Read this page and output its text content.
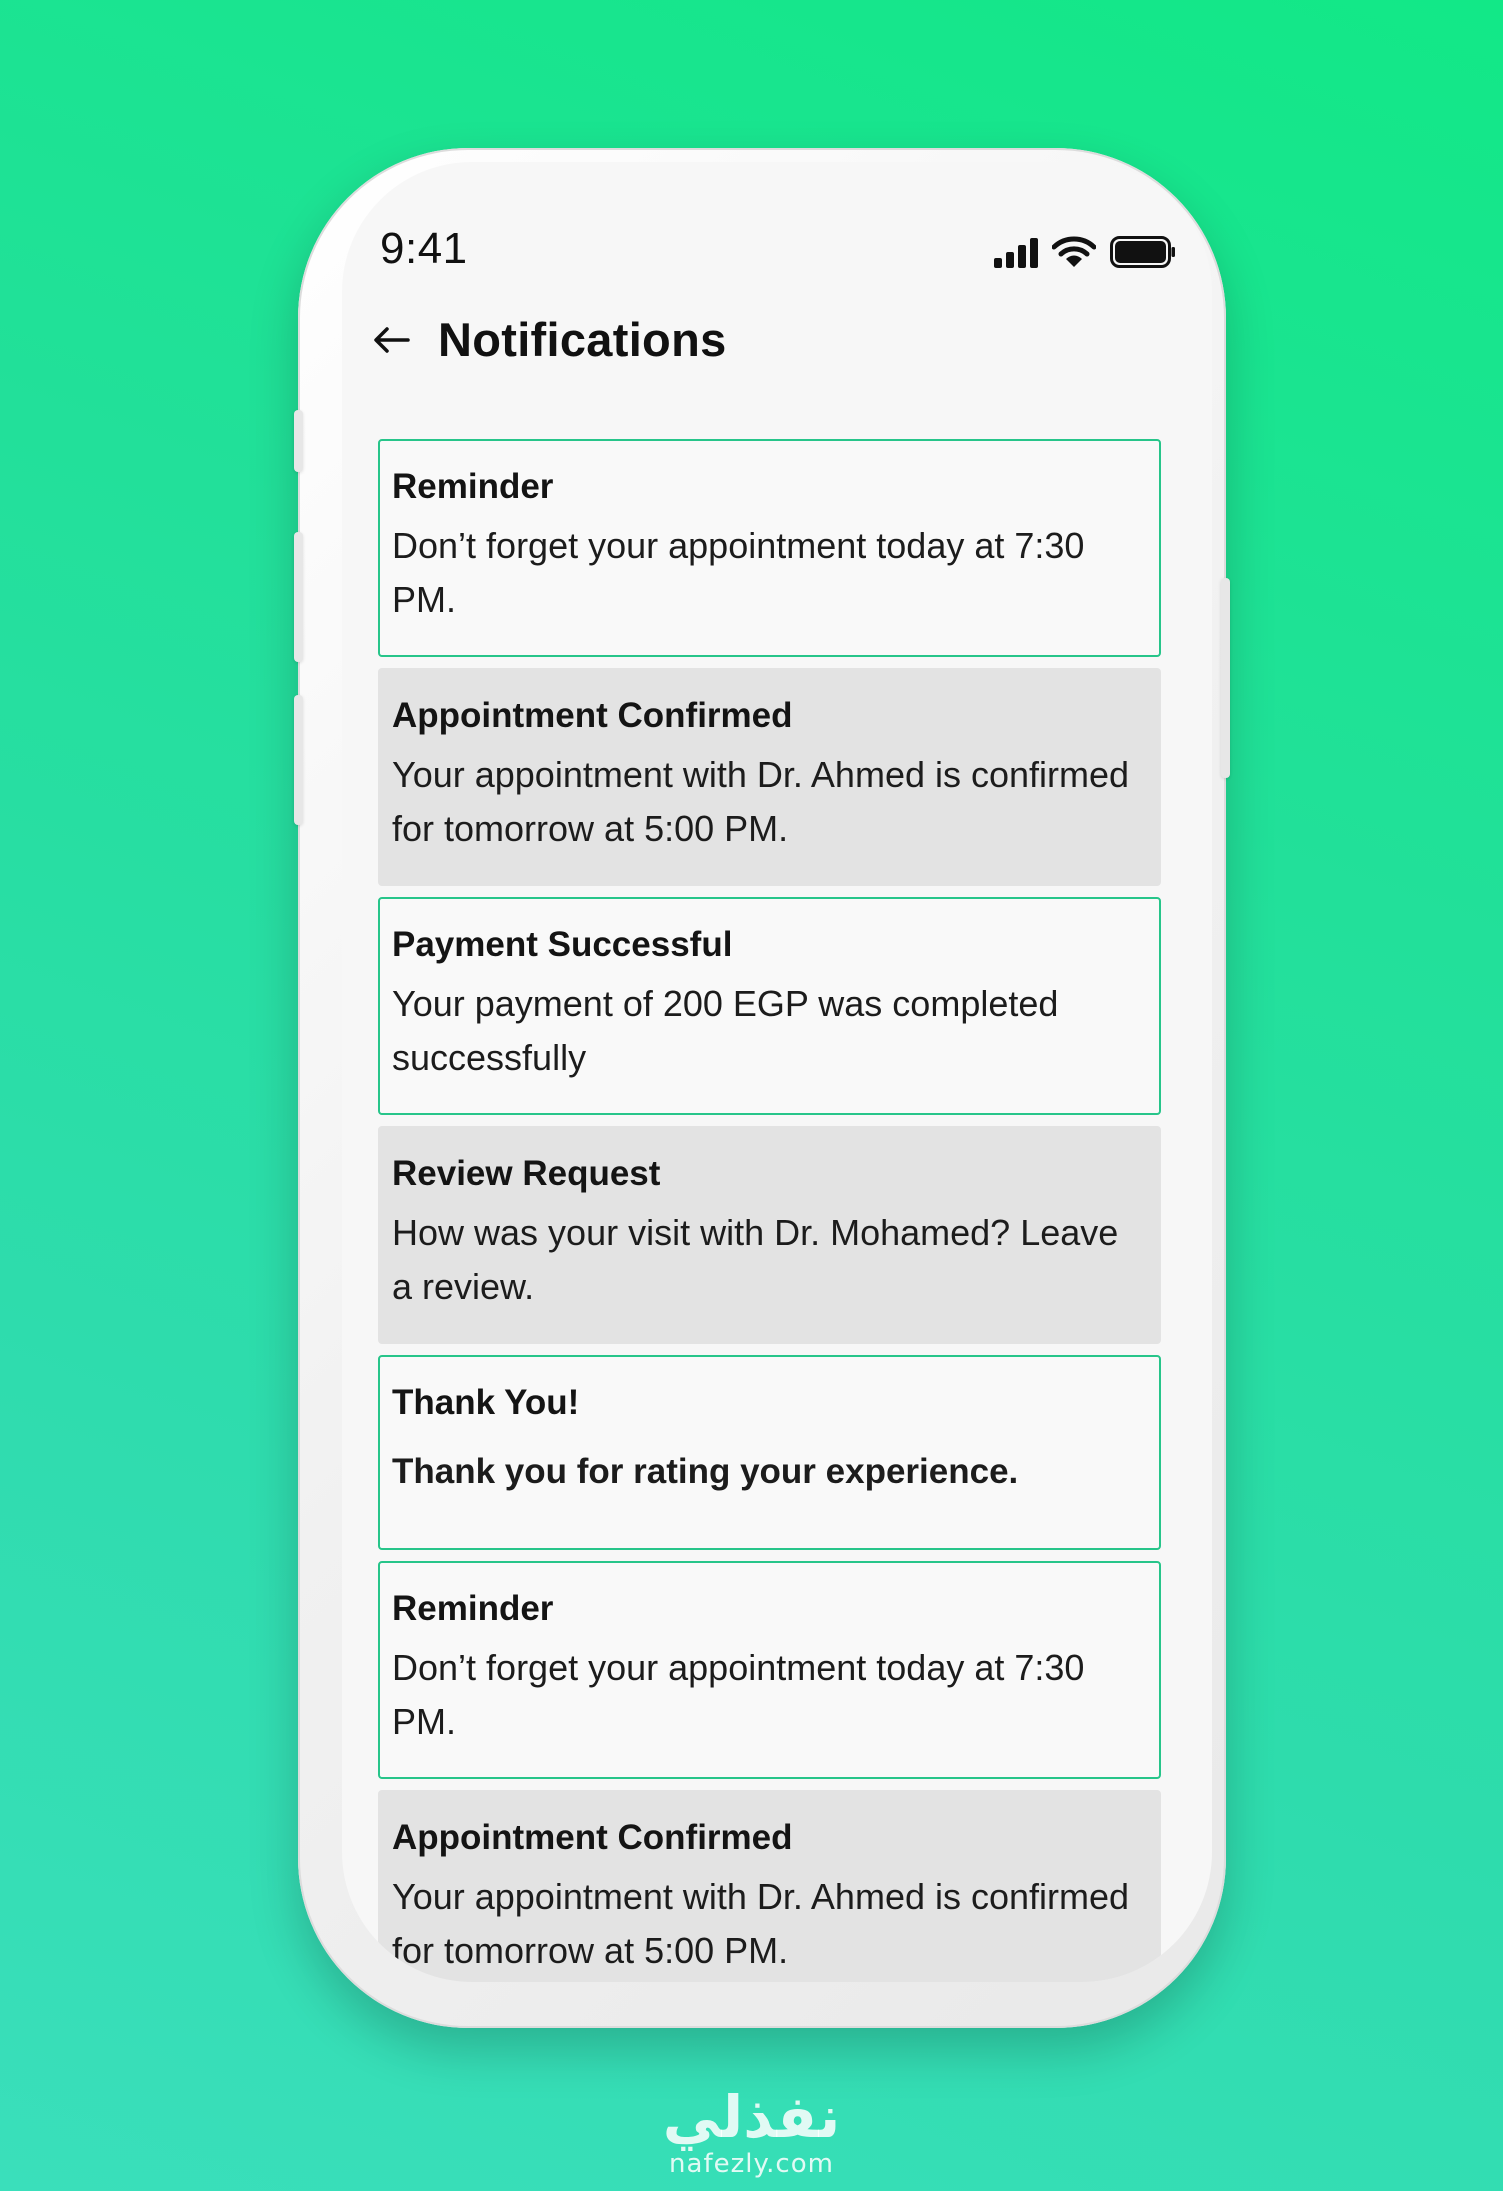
9:41
Notifications
Reminder
Don’t forget your appointment today at 7:30 PM.
Appointment Confirmed
Your appointment with Dr. Ahmed is confirmed for tomorrow at 5:00 PM.
Payment Successful
Your payment of 200 EGP was completed successfully
Review Request
How was your visit with Dr. Mohamed? Leave a review.
Thank You!
Thank you for rating your experience.
Reminder
Don’t forget your appointment today at 7:30 PM.
Appointment Confirmed
Your appointment with Dr. Ahmed is confirmed for tomorrow at 5:00 PM.
نفذلي
nafezly.com
